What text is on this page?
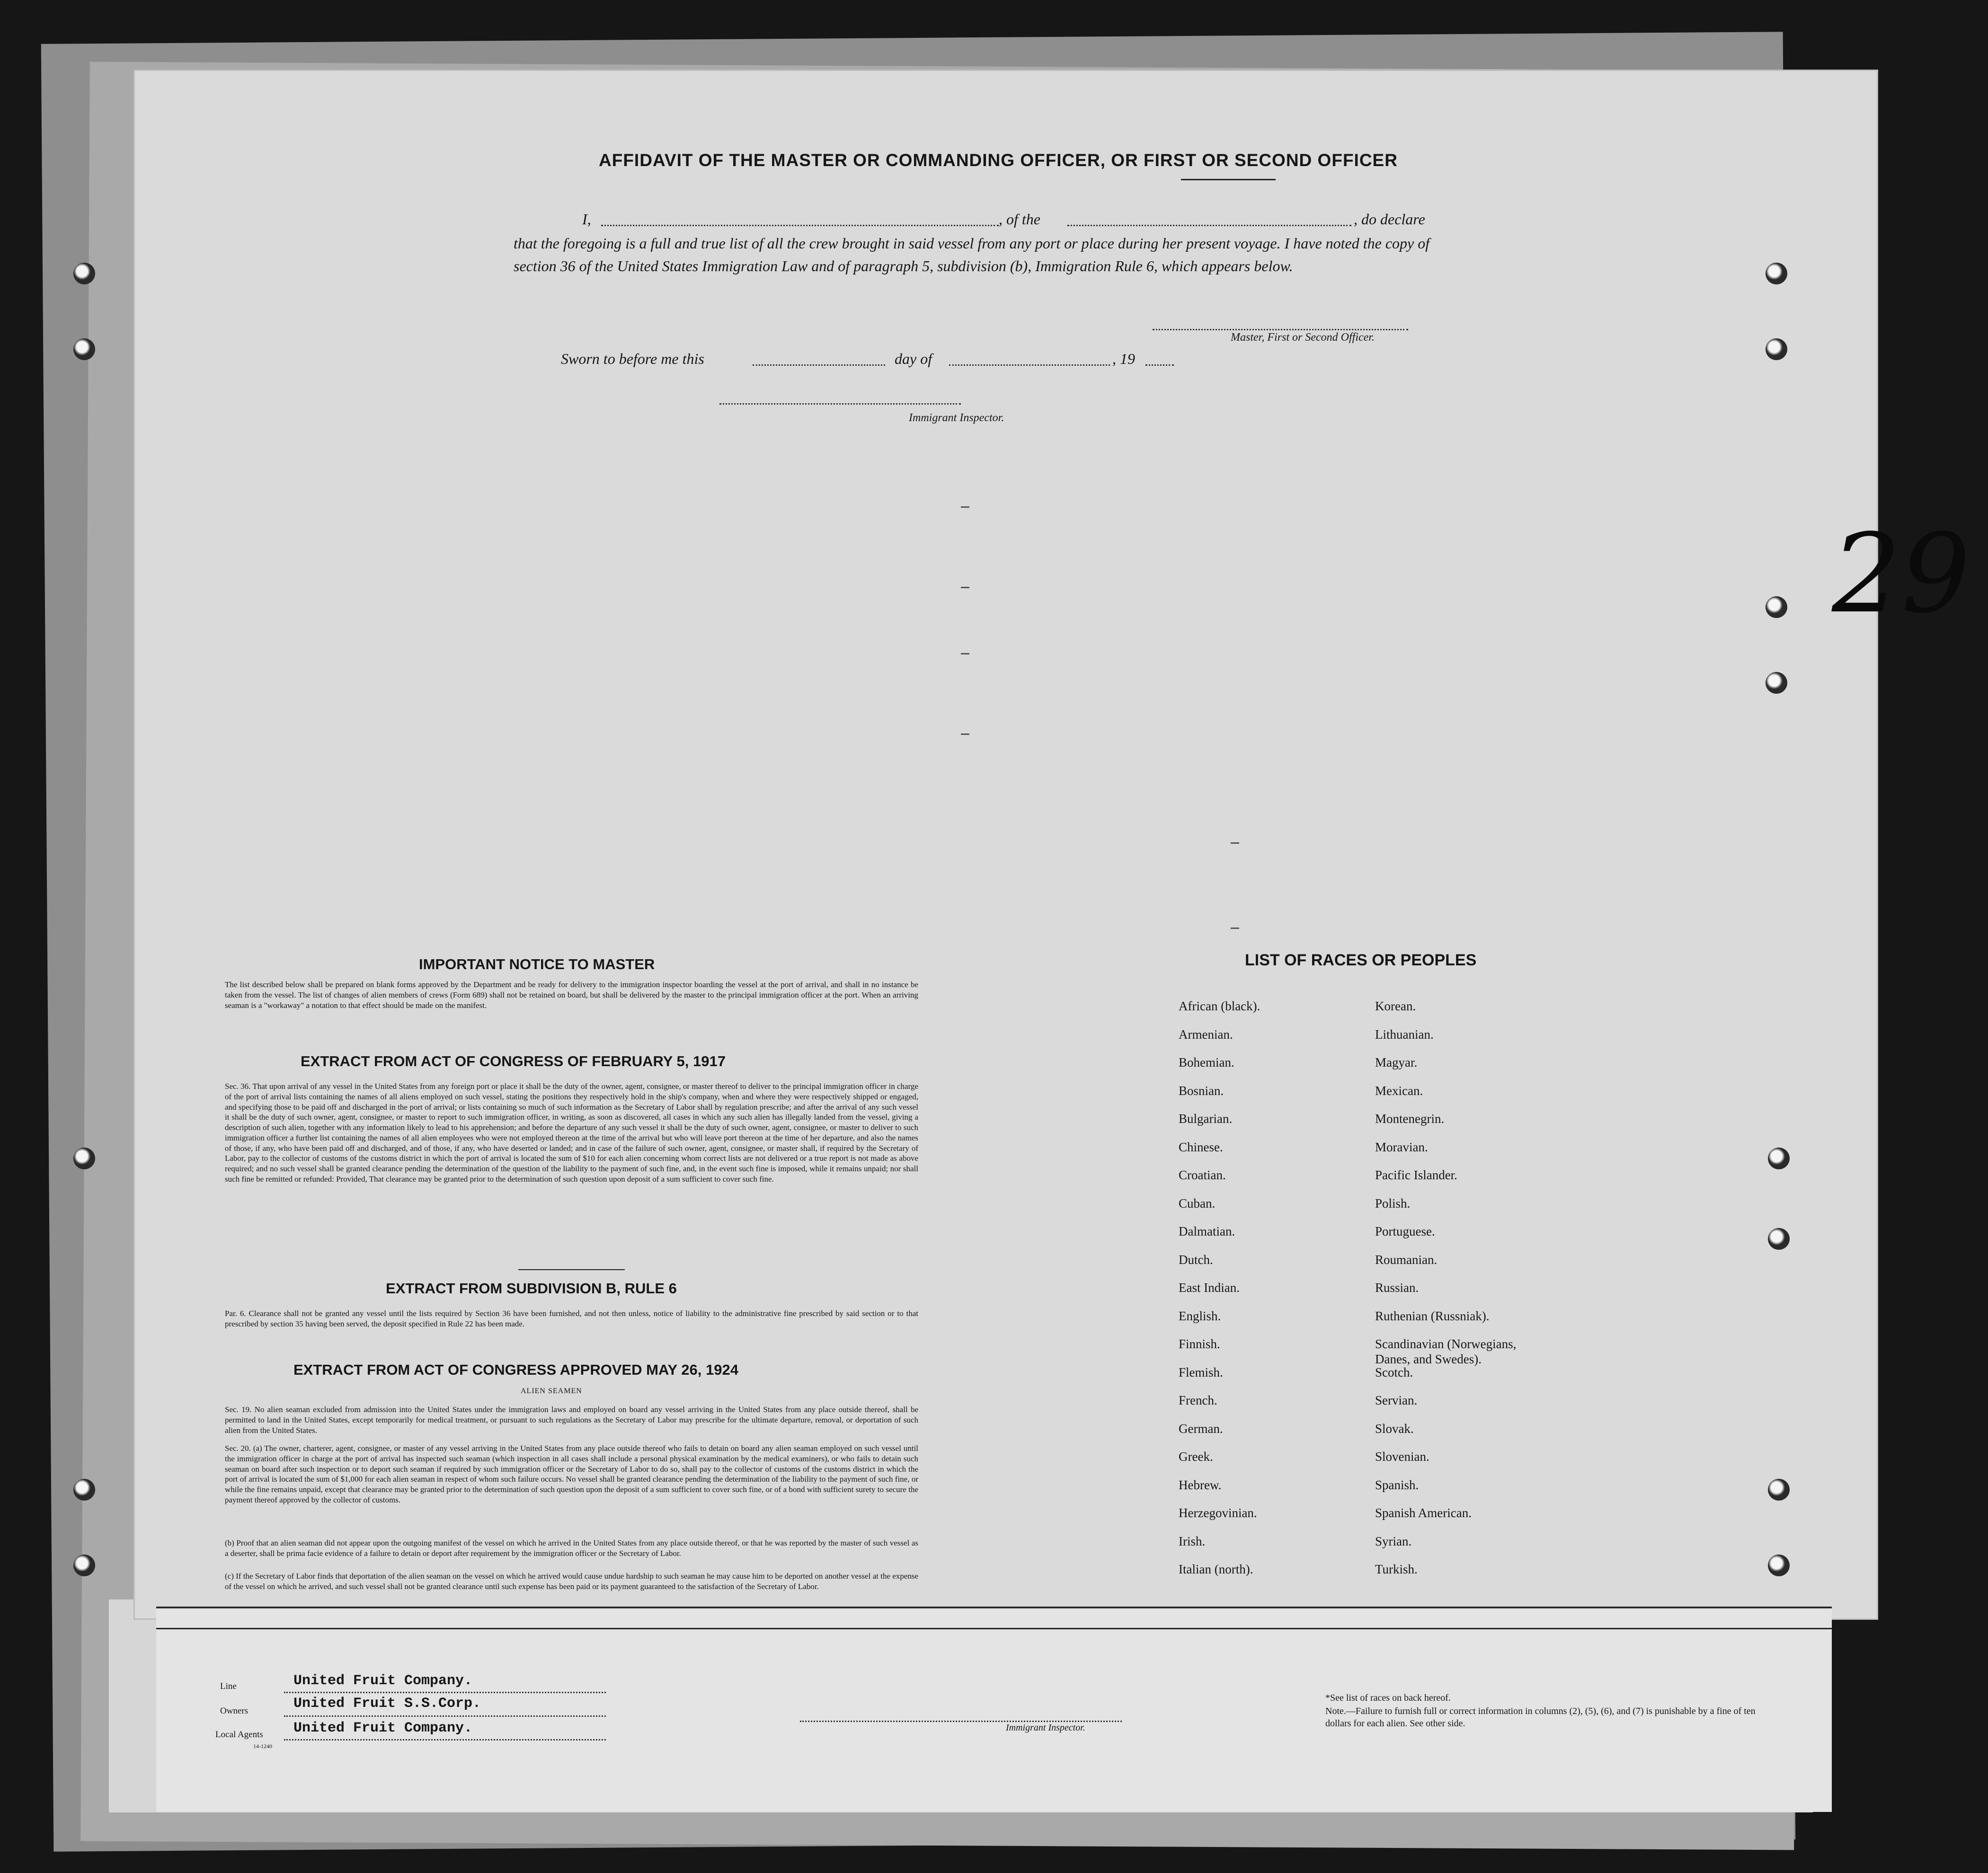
AFFIDAVIT OF THE MASTER OR COMMANDING OFFICER, OR FIRST OR SECOND OFFICER
I,	, of the	, do declare
that the foregoing is a full and true list of all the crew brought in said vessel from any port or place during her present voyage. I have noted the copy of section 36 of the United States Immigration Law and of paragraph 5, subdivision (b), Immigration Rule 6, which appears below.
Master, First or Second Officer.
Sworn to before me this	day of	, 19
Immigrant Inspector.
29
IMPORTANT NOTICE TO MASTER
The list described below shall be prepared on blank forms approved by the Department and be ready for delivery to the immigration inspector boarding the vessel at the port of arrival, and shall in no instance be taken from the vessel. The list of changes of alien members of crews (Form 689) shall not be retained on board, but shall be delivered by the master to the principal immigration officer at the port. When an arriving seaman is a "workaway" a notation to that effect should be made on the manifest.
EXTRACT FROM ACT OF CONGRESS OF FEBRUARY 5, 1917
Sec. 36. That upon arrival of any vessel in the United States from any foreign port or place it shall be the duty of the owner, agent, consignee, or master thereof to deliver to the principal immigration officer in charge of the port of arrival lists containing the names of all aliens employed on such vessel, stating the positions they respectively hold in the ship's company, when and where they were respectively shipped or engaged, and specifying those to be paid off and discharged in the port of arrival; or lists containing so much of such information as the Secretary of Labor shall by regulation prescribe; and after the arrival of any such vessel it shall be the duty of such owner, agent, consignee, or master to report to such immigration officer, in writing, as soon as discovered, all cases in which any such alien has illegally landed from the vessel, giving a description of such alien, together with any information likely to lead to his apprehension; and before the departure of any such vessel it shall be the duty of such owner, agent, consignee, or master to deliver to such immigration officer a further list containing the names of all alien employees who were not employed thereon at the time of the arrival but who will leave port thereon at the time of her departure, and also the names of those, if any, who have been paid off and discharged, and of those, if any, who have deserted or landed; and in case of the failure of such owner, agent, consignee, or master shall, if required by the Secretary of Labor, pay to the collector of customs of the customs district in which the port of arrival is located the sum of $10 for each alien concerning whom correct lists are not delivered or a true report is not made as above required; and no such vessel shall be granted clearance pending the determination of the question of the liability to the payment of such fine, and, in the event such fine is imposed, while it remains unpaid; nor shall such fine be remitted or refunded: Provided, That clearance may be granted prior to the determination of such question upon deposit of a sum sufficient to cover such fine.
EXTRACT FROM SUBDIVISION B, RULE 6
Par. 6. Clearance shall not be granted any vessel until the lists required by Section 36 have been furnished, and not then unless, notice of liability to the administrative fine prescribed by said section or to that prescribed by section 35 having been served, the deposit specified in Rule 22 has been made.
EXTRACT FROM ACT OF CONGRESS APPROVED MAY 26, 1924
ALIEN SEAMEN
Sec. 19. No alien seaman excluded from admission into the United States under the immigration laws and employed on board any vessel arriving in the United States from any place outside thereof, shall be permitted to land in the United States, except temporarily for medical treatment, or pursuant to such regulations as the Secretary of Labor may prescribe for the ultimate departure, removal, or deportation of such alien from the United States.
Sec. 20. (a) The owner, charterer, agent, consignee, or master of any vessel arriving in the United States from any place outside thereof who fails to detain on board any alien seaman employed on such vessel until the immigration officer in charge at the port of arrival has inspected such seaman (which inspection in all cases shall include a personal physical examination by the medical examiners), or who fails to detain such seaman on board after such inspection or to deport such seaman if required by such immigration officer or the Secretary of Labor to do so, shall pay to the collector of customs of the customs district in which the port of arrival is located the sum of $1,000 for each alien seaman in respect of whom such failure occurs. No vessel shall be granted clearance pending the determination of the liability to the payment of such fine, or while the fine remains unpaid, except that clearance may be granted prior to the determination of such question upon the deposit of a sum sufficient to cover such fine, or of a bond with sufficient surety to secure the payment thereof approved by the collector of customs.
(b) Proof that an alien seaman did not appear upon the outgoing manifest of the vessel on which he arrived in the United States from any place outside thereof, or that he was reported by the master of such vessel as a deserter, shall be prima facie evidence of a failure to detain or deport after requirement by the immigration officer or the Secretary of Labor.
(c) If the Secretary of Labor finds that deportation of the alien seaman on the vessel on which he arrived would cause undue hardship to such seaman he may cause him to be deported on another vessel at the expense of the vessel on which he arrived, and such vessel shall not be granted clearance until such expense has been paid or its payment guaranteed to the satisfaction of the Secretary of Labor.
LIST OF RACES OR PEOPLES
African (black).
Armenian.
Bohemian.
Bosnian.
Bulgarian.
Chinese.
Croatian.
Cuban.
Dalmatian.
Dutch.
East Indian.
English.
Finnish.
Flemish.
French.
German.
Greek.
Hebrew.
Herzegovinian.
Irish.
Italian (north).
Korean.
Lithuanian.
Magyar.
Mexican.
Montenegrin.
Moravian.
Pacific Islander.
Polish.
Portuguese.
Roumanian.
Russian.
Ruthenian (Russniak).
Scandinavian (Norwegians, Danes, and Swedes).
Scotch.
Servian.
Slovak.
Slovenian.
Spanish.
Spanish American.
Syrian.
Turkish.
Line	United Fruit Company.
Owners	United Fruit S.S.Corp.
Local Agents United Fruit Company.
14-1240
Immigrant Inspector.
*See list of races on back hereof.
Note.—Failure to furnish full or correct information in columns (2), (5), (6), and (7) is punishable by a fine of ten dollars for each alien. See other side.
